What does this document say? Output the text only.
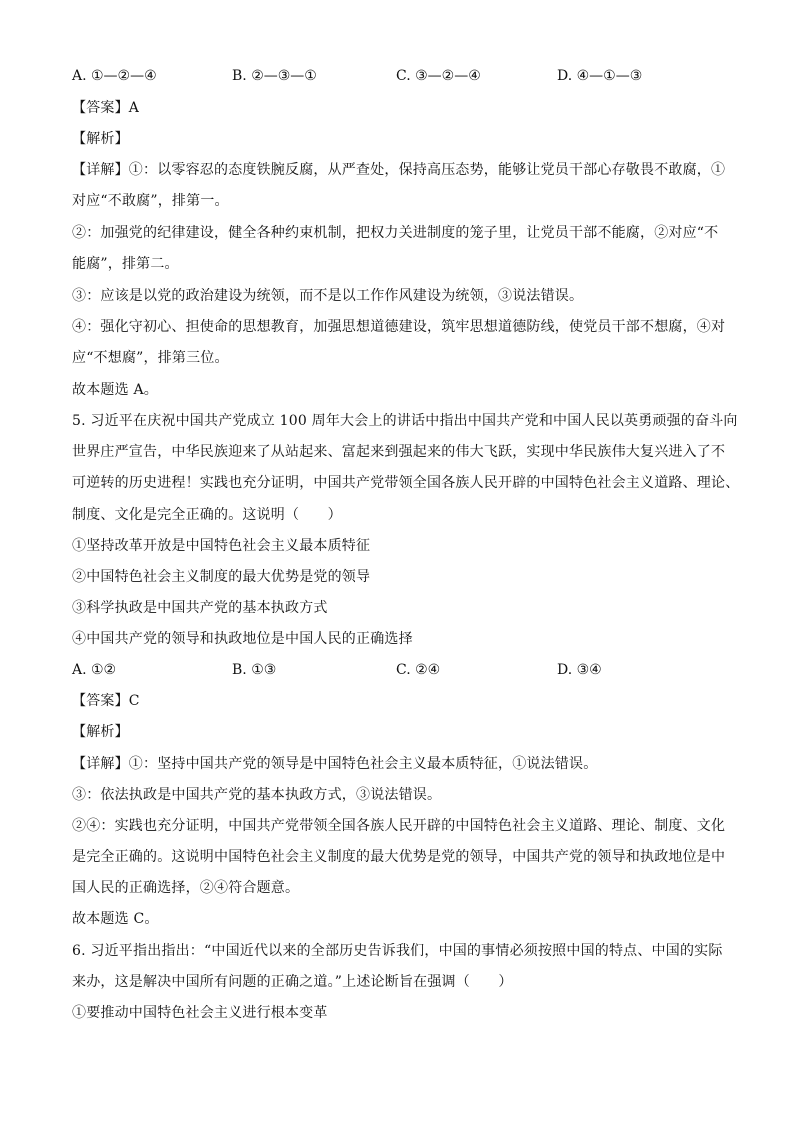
A. ①—②—④	B. ②—③—①	C. ③—②—④	D. ④—①—③
【答案】A
【解析】
【详解】①：以零容忍的态度铁腕反腐，从严查处，保持高压态势，能够让党员干部心存敬畏不敢腐，①
对应“不敢腐”，排第一。
②：加强党的纪律建设，健全各种约束机制，把权力关进制度的笼子里，让党员干部不能腐，②对应“不
能腐”，排第二。
③：应该是以党的政治建设为统领，而不是以工作作风建设为统领，③说法错误。
④：强化守初心、担使命的思想教育，加强思想道德建设，筑牢思想道德防线，使党员干部不想腐，④对
应“不想腐”，排第三位。
故本题选 A。
5. 习近平在庆祝中国共产党成立 100 周年大会上的讲话中指出中国共产党和中国人民以英勇顽强的奋斗向
世界庄严宣告，中华民族迎来了从站起来、富起来到强起来的伟大飞跃，实现中华民族伟大复兴进入了不
可逆转的历史进程！实践也充分证明，中国共产党带领全国各族人民开辟的中国特色社会主义道路、理论、
制度、文化是完全正确的。这说明（　　）
①坚持改革开放是中国特色社会主义最本质特征
②中国特色社会主义制度的最大优势是党的领导
③科学执政是中国共产党的基本执政方式
④中国共产党的领导和执政地位是中国人民的正确选择
A. ①②	B. ①③	C. ②④	D. ③④
【答案】C
【解析】
【详解】①：坚持中国共产党的领导是中国特色社会主义最本质特征，①说法错误。
③：依法执政是中国共产党的基本执政方式，③说法错误。
②④：实践也充分证明，中国共产党带领全国各族人民开辟的中国特色社会主义道路、理论、制度、文化
是完全正确的。这说明中国特色社会主义制度的最大优势是党的领导，中国共产党的领导和执政地位是中
国人民的正确选择，②④符合题意。
故本题选 C。
6. 习近平指出指出：“中国近代以来的全部历史告诉我们，中国的事情必须按照中国的特点、中国的实际
来办，这是解决中国所有问题的正确之道。”上述论断旨在强调（　　）
①要推动中国特色社会主义进行根本变革
